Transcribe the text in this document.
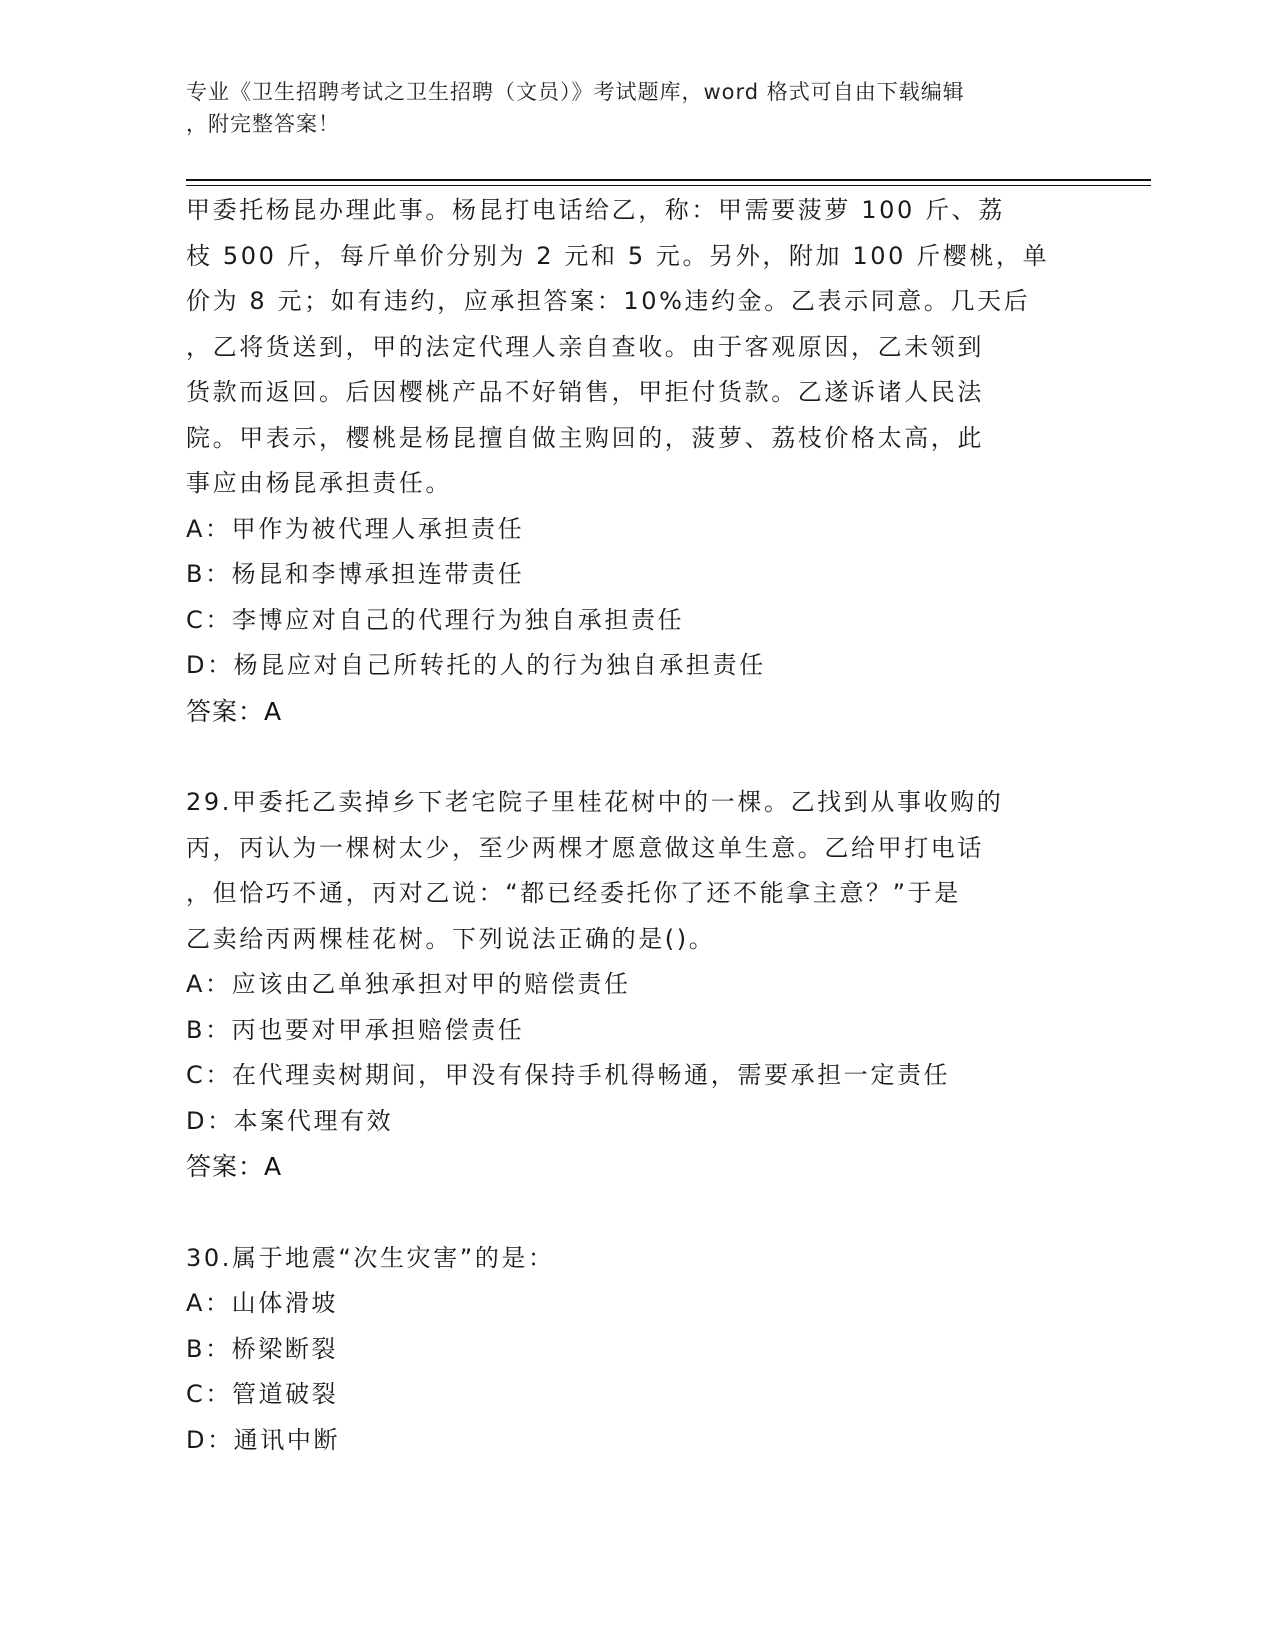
专业《卫生招聘考试之卫生招聘（文员）》考试题库，word 格式可自由下载编辑
，附完整答案！

甲委托杨昆办理此事。杨昆打电话给乙，称：甲需要菠萝 100 斤、荔

枝 500 斤，每斤单价分别为 2 元和 5 元。另外，附加 100 斤樱桃，单

价为 8 元；如有违约，应承担答案：10%违约金。乙表示同意。几天后

，乙将货送到，甲的法定代理人亲自查收。由于客观原因，乙未领到

货款而返回。后因樱桃产品不好销售，甲拒付货款。乙遂诉诸人民法

院。甲表示，樱桃是杨昆擅自做主购回的，菠萝、荔枝价格太高，此

事应由杨昆承担责任。

A：甲作为被代理人承担责任

B：杨昆和李博承担连带责任

C：李博应对自己的代理行为独自承担责任

D：杨昆应对自己所转托的人的行为独自承担责任

答案：A

29.甲委托乙卖掉乡下老宅院子里桂花树中的一棵。乙找到从事收购的

丙，丙认为一棵树太少，至少两棵才愿意做这单生意。乙给甲打电话

，但恰巧不通，丙对乙说：“都已经委托你了还不能拿主意？”于是

乙卖给丙两棵桂花树。下列说法正确的是()。

A：应该由乙单独承担对甲的赔偿责任

B：丙也要对甲承担赔偿责任

C：在代理卖树期间，甲没有保持手机得畅通，需要承担一定责任

D：本案代理有效

答案：A

30.属于地震“次生灾害”的是：

A：山体滑坡

B：桥梁断裂

C：管道破裂

D：通讯中断
